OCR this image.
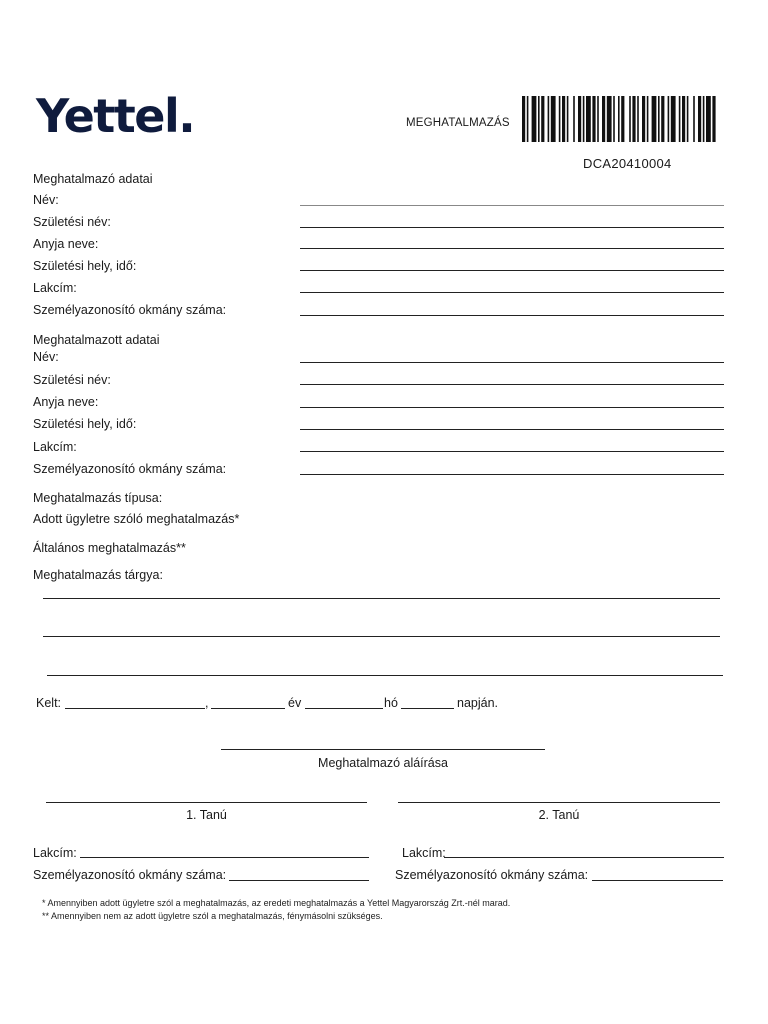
Yettel.	MEGHATALMAZÁS
DCA20410004
Meghatalmazó adatai
Név:
Születési név:
Anyja neve:
Születési hely, idő:
Lakcím:
Személyazonosító okmány száma:
Meghatalmazott adatai
Név:
Születési név:
Anyja neve:
Születési hely, idő:
Lakcím:
Személyazonosító okmány száma:
Meghatalmazás típusa:
Adott ügyletre szóló meghatalmazás*
Általános meghatalmazás**
Meghatalmazás tárgya:
Kelt:	,	év	hó	napján.
Meghatalmazó aláírása
1. Tanú	2. Tanú
Lakcím:	Lakcím:
Személyazonosító okmány száma:	Személyazonosító okmány száma:
* Amennyiben adott ügyletre szól a meghatalmazás, az eredeti meghatalmazás a Yettel Magyarország Zrt.-nél marad.
** Amennyiben nem az adott ügyletre szól a meghatalmazás, fénymásolni szükséges.
